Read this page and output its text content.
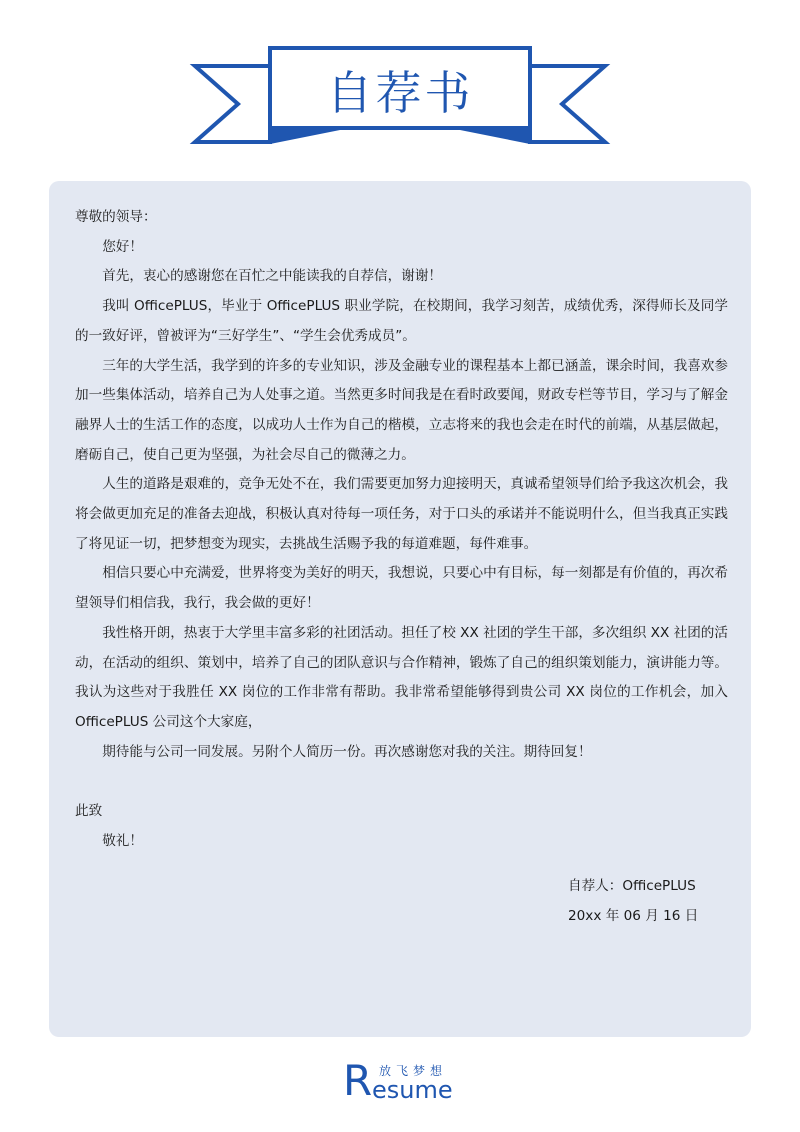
自荐书

尊敬的领导：

您好！

首先，衷心的感谢您在百忙之中能读我的自荐信，谢谢！

我叫 OfficePLUS，毕业于 OfficePLUS 职业学院，在校期间，我学习刻苦，成绩优秀，深得师长及同学的一致好评，曾被评为“三好学生”、“学生会优秀成员”。

三年的大学生活，我学到的许多的专业知识，涉及金融专业的课程基本上都已涵盖，课余时间，我喜欢参加一些集体活动，培养自己为人处事之道。当然更多时间我是在看时政要闻，财政专栏等节目，学习与了解金融界人士的生活工作的态度，以成功人士作为自己的楷模，立志将来的我也会走在时代的前端，从基层做起，磨砺自己，使自己更为坚强，为社会尽自己的微薄之力。

人生的道路是艰难的，竞争无处不在，我们需要更加努力迎接明天，真诚希望领导们给予我这次机会，我将会做更加充足的准备去迎战，积极认真对待每一项任务，对于口头的承诺并不能说明什么，但当我真正实践了将见证一切，把梦想变为现实，去挑战生活赐予我的每道难题，每件难事。

相信只要心中充满爱，世界将变为美好的明天，我想说，只要心中有目标，每一刻都是有价值的，再次希望领导们相信我，我行，我会做的更好！

我性格开朗，热衷于大学里丰富多彩的社团活动。担任了校 XX 社团的学生干部，多次组织 XX 社团的活动，在活动的组织、策划中，培养了自己的团队意识与合作精神，锻炼了自己的组织策划能力，演讲能力等。我认为这些对于我胜任 XX 岗位的工作非常有帮助。我非常希望能够得到贵公司 XX 岗位的工作机会，加入 OfficePLUS 公司这个大家庭，

期待能与公司一同发展。另附个人简历一份。再次感谢您对我的关注。期待回复！

此致

敬礼！

自荐人：OfficePLUS
20xx 年 06 月 16 日
R 放飞梦想
esume
